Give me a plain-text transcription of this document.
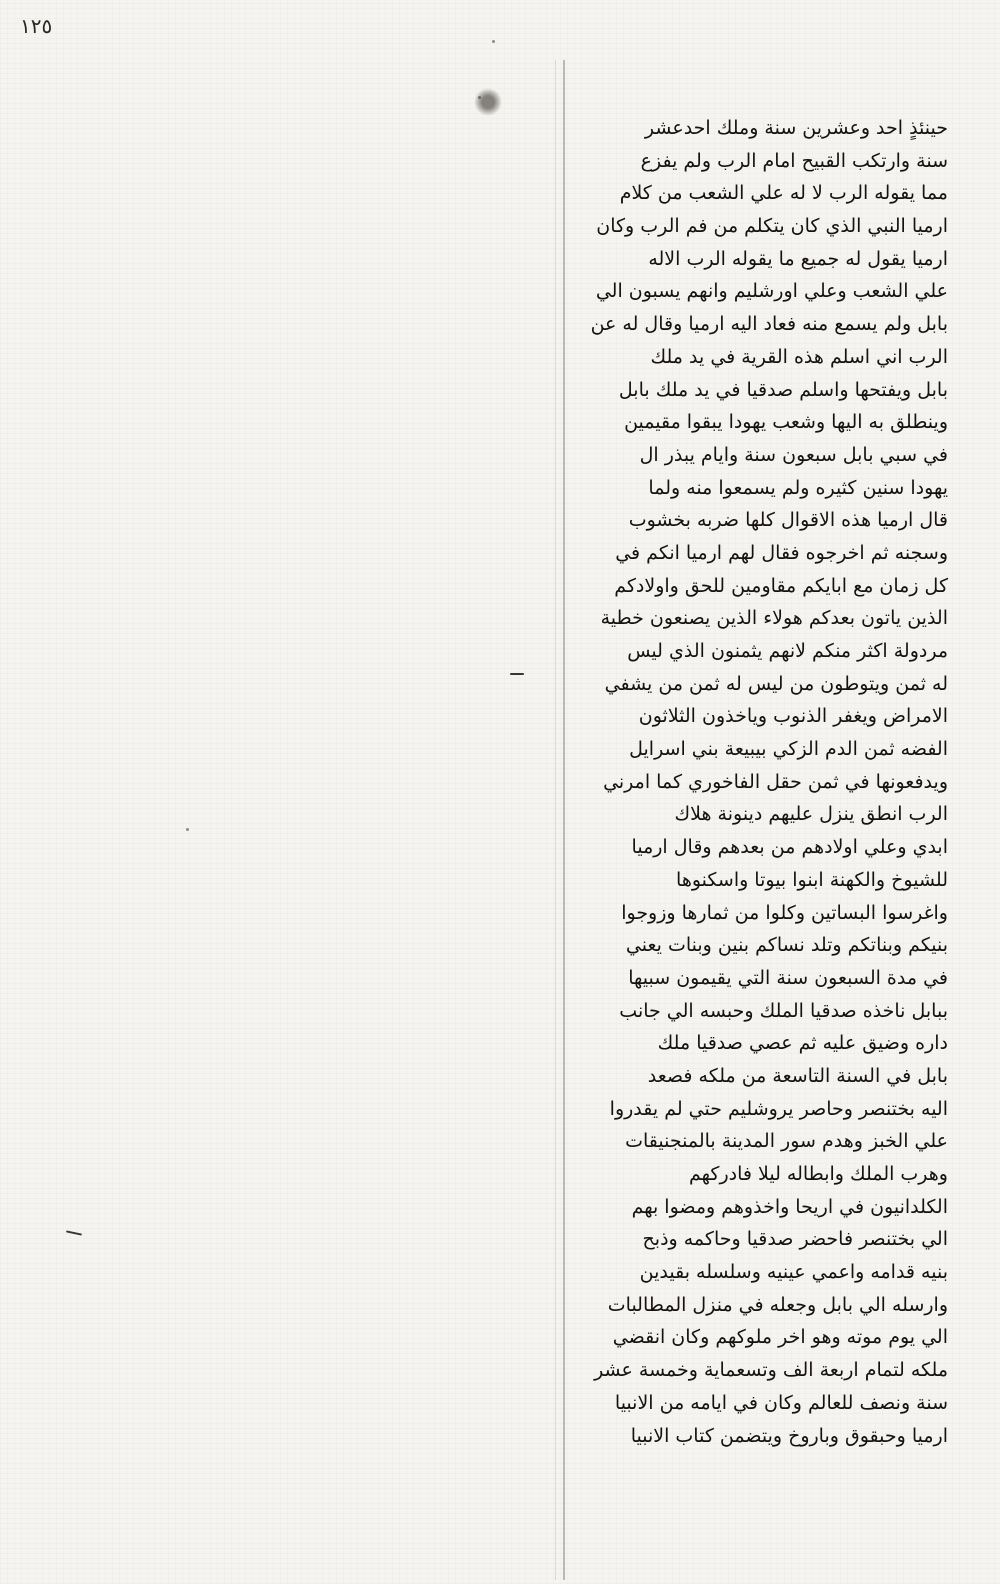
١٢٥
حينئذٍ احد وعشرين سنة وملك احدعشر
سنة وارتكب القبيح امام الرب ولم يفزع
مما يقوله الرب لا له علي الشعب من كلام
ارميا النبي الذي كان يتكلم من فم الرب وكان
ارميا يقول له جميع ما يقوله الرب الاله
علي الشعب وعلي اورشليم وانهم يسبون الي
بابل ولم يسمع منه فعاد اليه ارميا وقال له عن
الرب اني اسلم هذه القرية في يد ملك
بابل ويفتحها واسلم صدقيا في يد ملك بابل
وينطلق به اليها وشعب يهودا يبقوا مقيمين
في سبي بابل سبعون سنة وايام يبذر ال
يهودا سنين كثيره ولم يسمعوا منه ولما
قال ارميا هذه الاقوال كلها ضربه بخشوب
وسجنه ثم اخرجوه فقال لهم ارميا انكم في
كل زمان مع ابايكم مقاومين للحق واولادكم
الذين ياتون بعدكم هولاء الذين يصنعون خطية
مردولة اكثر منكم لانهم يثمنون الذي ليس
له ثمن ويتوطون من ليس له ثمن من يشفي
الامراض ويغفر الذنوب وياخذون الثلاثون
الفضه ثمن الدم الزكي بيبيعة بني اسرايل
ويدفعونها في ثمن حقل الفاخوري كما امرني
الرب انطق ينزل عليهم دينونة هلاك
ابدي وعلي اولادهم من بعدهم وقال ارميا
للشيوخ والكهنة ابنوا بيوتا واسكنوها
واغرسوا البساتين وكلوا من ثمارها وزوجوا
بنيكم وبناتكم وتلد نساكم بنين وبنات يعني
في مدة السبعون سنة التي يقيمون سبيها
ببابل ناخذه صدقيا الملك وحبسه الي جانب
داره وضيق عليه ثم عصي صدقيا ملك
بابل في السنة التاسعة من ملكه فصعد
اليه بختنصر وحاصر يروشليم حتي لم يقدروا
علي الخبز وهدم سور المدينة بالمنجنيقات
وهرب الملك وابطاله ليلا فادركهم
الكلدانيون في اريحا واخذوهم ومضوا بهم
الي بختنصر فاحضر صدقيا وحاكمه وذبح
بنيه قدامه واعمي عينيه وسلسله بقيدين
وارسله الي بابل وجعله في منزل المطالبات
الي يوم موته وهو اخر ملوكهم وكان انقضي
ملكه لتمام اربعة الف وتسعماية وخمسة عشر
سنة ونصف للعالم وكان في ايامه من الانبيا
ارميا وحبقوق وباروخ ويتضمن كتاب الانبيا
